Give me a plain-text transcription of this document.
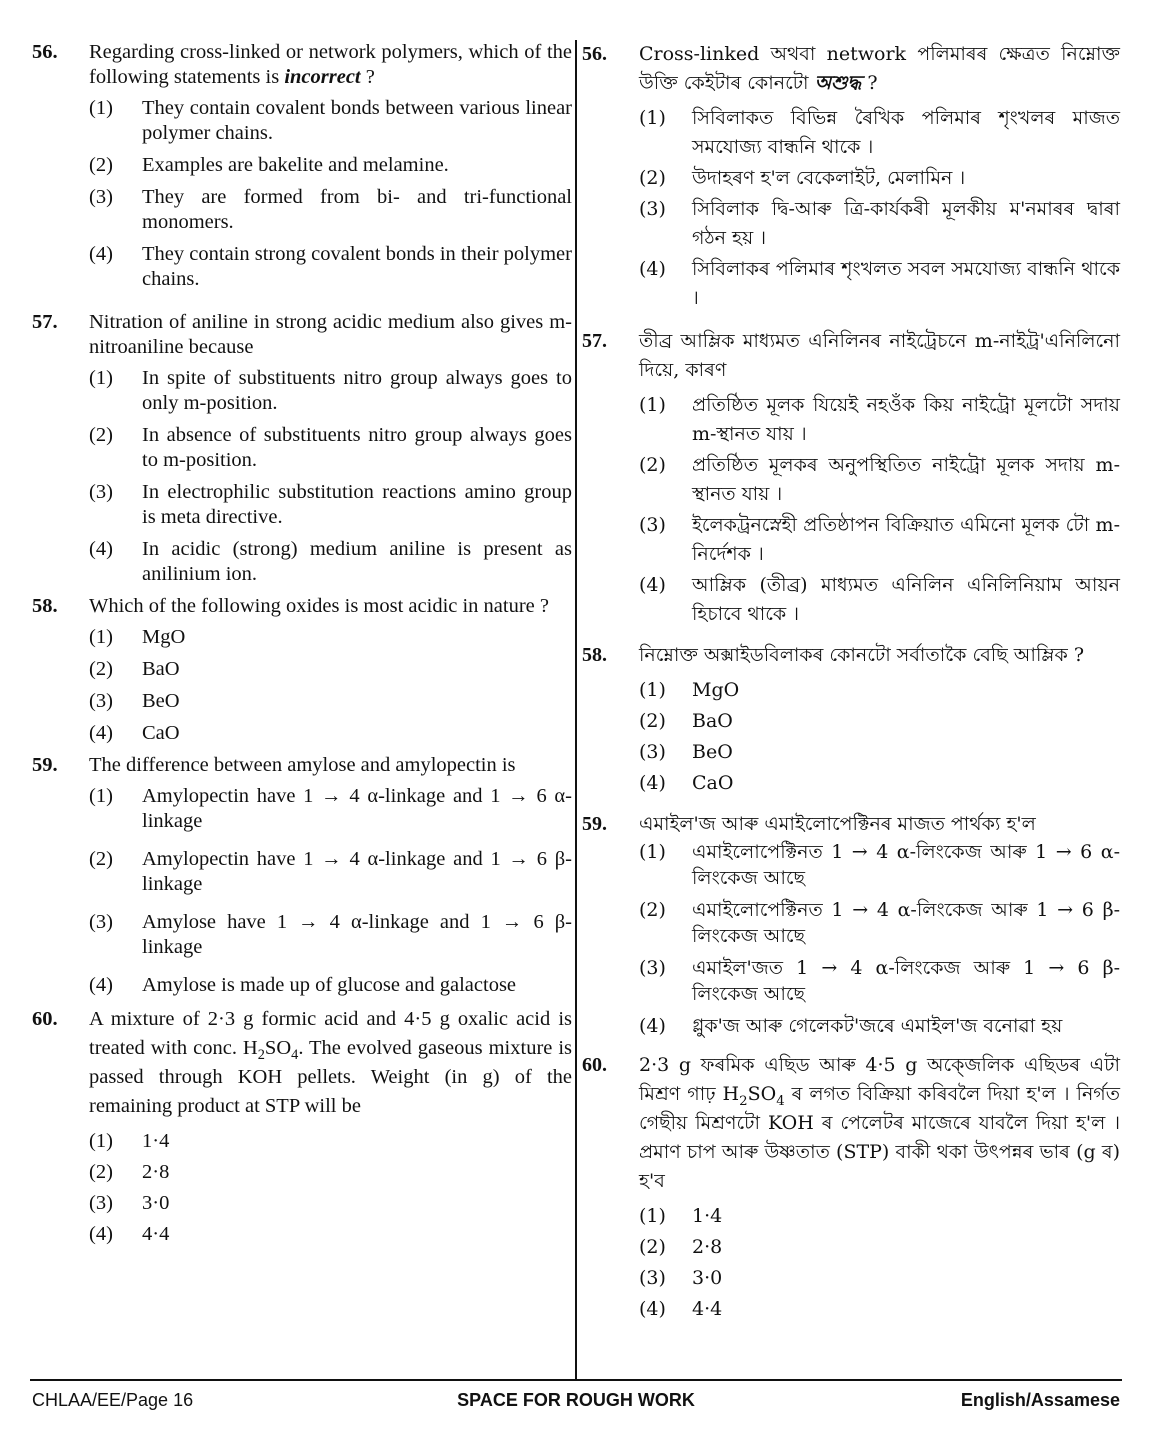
56. Regarding cross-linked or network polymers, which of the following statements is incorrect ?
(1) They contain covalent bonds between various linear polymer chains.
(2) Examples are bakelite and melamine.
(3) They are formed from bi- and tri-functional monomers.
(4) They contain strong covalent bonds in their polymer chains.
57. Nitration of aniline in strong acidic medium also gives m-nitroaniline because
(1) In spite of substituents nitro group always goes to only m-position.
(2) In absence of substituents nitro group always goes to m-position.
(3) In electrophilic substitution reactions amino group is meta directive.
(4) In acidic (strong) medium aniline is present as anilinium ion.
58. Which of the following oxides is most acidic in nature ?
(1) MgO
(2) BaO
(3) BeO
(4) CaO
59. The difference between amylose and amylopectin is
(1) Amylopectin have 1 → 4 α-linkage and 1 → 6 α-linkage
(2) Amylopectin have 1 → 4 α-linkage and 1 → 6 β-linkage
(3) Amylose have 1 → 4 α-linkage and 1 → 6 β-linkage
(4) Amylose is made up of glucose and galactose
60. A mixture of 2·3 g formic acid and 4·5 g oxalic acid is treated with conc. $H_2SO_4$. The evolved gaseous mixture is passed through KOH pellets. Weight (in g) of the remaining product at STP will be
(1) 1·4
(2) 2·8
(3) 3·0
(4) 4·4
56. Cross-linked অথবা network পলিমাৰৰ ক্ষেত্ৰত নিম্নোক্ত উক্তি কেইটাৰ কোনটো অশুদ্ধ ?
(1) সিবিলাকত বিভিন্ন ৰৈখিক পলিমাৰ শৃংখলৰ মাজত সমযোজ্য বান্ধনি থাকে ।
(2) উদাহৰণ হ'ল বেকেলাইট, মেলামিন ।
(3) সিবিলাক দ্বি-আৰু ত্ৰি-কাৰ্যকৰী মূলকীয় ম'নমাৰৰ দ্বাৰা গঠন হয় ।
(4) সিবিলাকৰ পলিমাৰ শৃংখলত সবল সমযোজ্য বান্ধনি থাকে ।
57. তীব্ৰ আম্লিক মাধ্যমত এনিলিনৰ নাইট্ৰেচনে m-নাইট্ৰ'এনিলিনো দিয়ে, কাৰণ
(1) প্ৰতিষ্ঠিত মূলক যিয়েই নহওঁক কিয় নাইট্ৰো মূলটো সদায় m-স্থানত যায় ।
(2) প্ৰতিষ্ঠিত মূলকৰ অনুপস্থিতিত নাইট্ৰো মূলক সদায় m-স্থানত যায় ।
(3) ইলেকট্ৰনস্নেহী প্ৰতিষ্ঠাপন বিক্ৰিয়াত এমিনো মূলক টো m-নিৰ্দেশক ।
(4) আম্লিক (তীব্ৰ) মাধ্যমত এনিলিন এনিলিনিয়াম আয়ন হিচাবে থাকে ।
58. নিম্নোক্ত অক্সাইডবিলাকৰ কোনটো সৰ্বাতাকৈ বেছি আম্লিক ?
(1) MgO
(2) BaO
(3) BeO
(4) CaO
59. এমাইল'জ আৰু এমাইলোপেক্টিনৰ মাজত পাৰ্থক্য হ'ল
(1) এমাইলোপেক্টিনত 1 → 4 α-লিংকেজ আৰু 1 → 6 α-লিংকেজ আছে
(2) এমাইলোপেক্টিনত 1 → 4 α-লিংকেজ আৰু 1 → 6 β-লিংকেজ আছে
(3) এমাইল'জত 1 → 4 α-লিংকেজ আৰু 1 → 6 β-লিংকেজ আছে
(4) গ্লুক'জ আৰু গেলেকট'জৰে এমাইল'জ বনোৱা হয়
60. 2·3 g ফৰমিক এছিড আৰু 4·5 g অক্জেলিক এছিডৰ এটা মিশ্ৰণ গাঢ় $H_2SO_4$ ৰ লগত বিক্ৰিয়া কৰিবলৈ দিয়া হ'ল । নিৰ্গত গেছীয় মিশ্ৰণটো KOH ৰ পেলেটৰ মাজেৰে যাবলৈ দিয়া হ'ল । প্ৰমাণ চাপ আৰু উষ্ণতাত (STP) বাকী থকা উৎপন্নৰ ভাৰ (g ৰ) হ'ব
(1) 1·4
(2) 2·8
(3) 3·0
(4) 4·4
CHLAA/EE/Page 16	SPACE FOR ROUGH WORK	English/Assamese
